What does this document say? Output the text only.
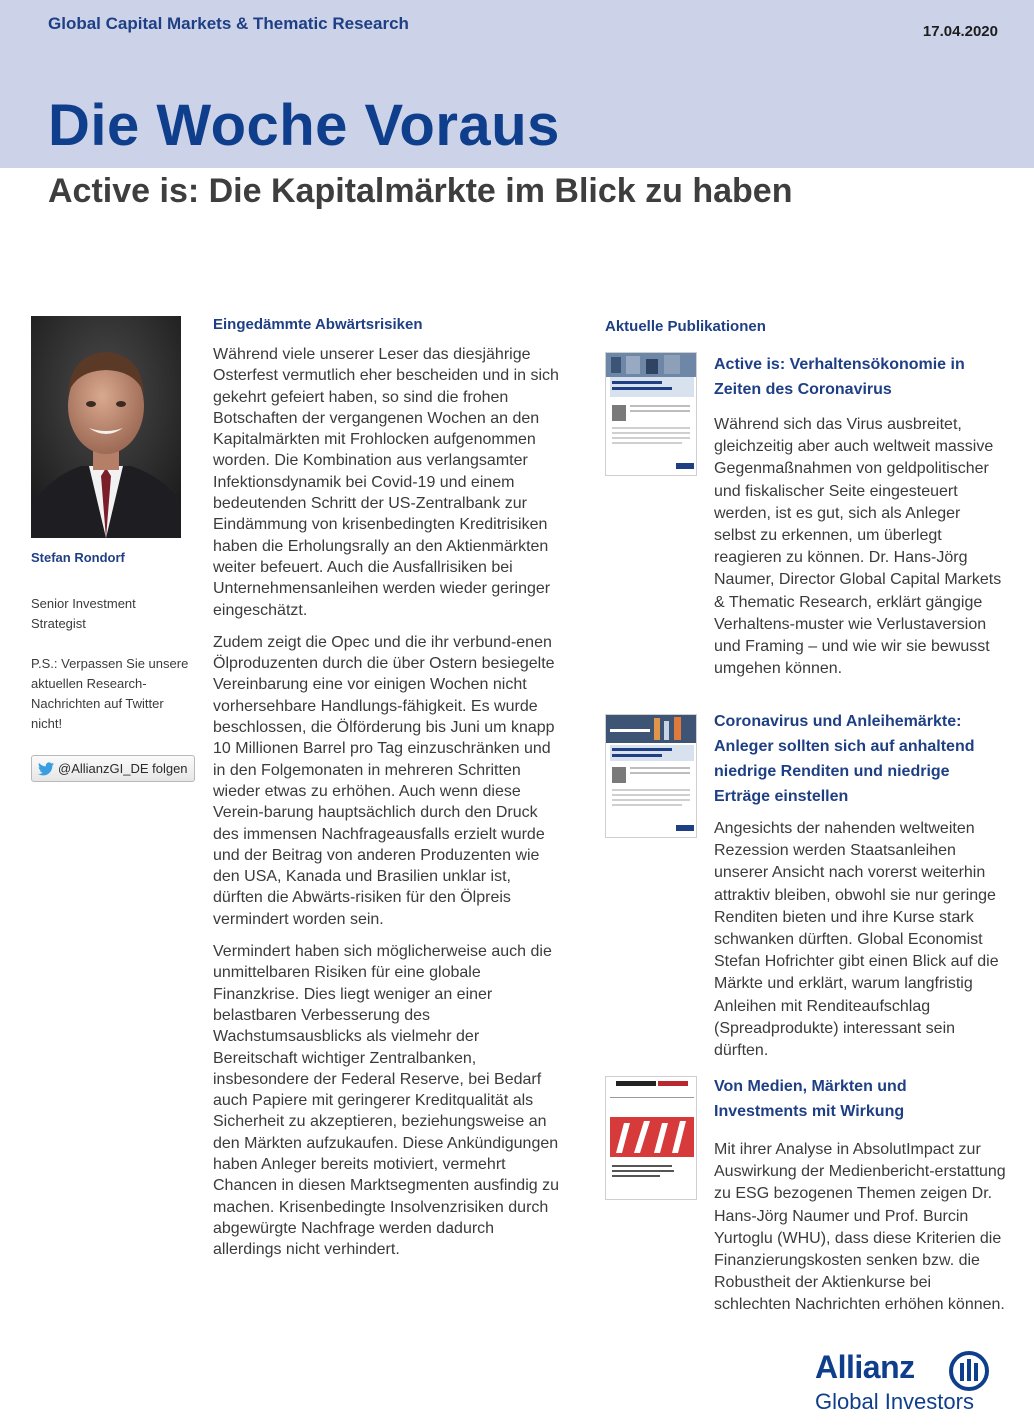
Global Capital Markets & Thematic Research	17.04.2020
Die Woche Voraus
Active is: Die Kapitalmärkte im Blick zu haben
Stefan Rondorf
Senior Investment Strategist
P.S.: Verpassen Sie unsere aktuellen Research-Nachrichten auf Twitter nicht!
@AllianzGI_DE folgen
Eingedämmte Abwärtsrisiken

Während viele unserer Leser das diesjährige Osterfest vermutlich eher bescheiden und in sich gekehrt gefeiert haben, so sind die frohen Botschaften der vergangenen Wochen an den Kapitalmärkten mit Frohlocken aufgenommen worden. Die Kombination aus verlangsamter Infektionsdynamik bei Covid-19 und einem bedeutenden Schritt der US-Zentralbank zur Eindämmung von krisenbedingten Kreditrisiken haben die Erholungsrally an den Aktienmärkten weiter befeuert. Auch die Ausfallrisiken bei Unternehmensanleihen werden wieder geringer eingeschätzt.

Zudem zeigt die Opec und die ihr verbund-enen Ölproduzenten durch die über Ostern besiegelte Vereinbarung eine vor einigen Wochen nicht vorhersehbare Handlungs-fähigkeit. Es wurde beschlossen, die Ölförderung bis Juni um knapp 10 Millionen Barrel pro Tag einzuschränken und in den Folgemonaten in mehreren Schritten wieder etwas zu erhöhen. Auch wenn diese Verein-barung hauptsächlich durch den Druck des immensen Nachfrageausfalls erzielt wurde und der Beitrag von anderen Produzenten wie den USA, Kanada und Brasilien unklar ist, dürften die Abwärts-risiken für den Ölpreis vermindert worden sein.

Vermindert haben sich möglicherweise auch die unmittelbaren Risiken für eine globale Finanzkrise. Dies liegt weniger an einer belastbaren Verbesserung des Wachstumsausblicks als vielmehr der Bereitschaft wichtiger Zentralbanken, insbesondere der Federal Reserve, bei Bedarf auch Papiere mit geringerer Kreditqualität als Sicherheit zu akzeptieren, beziehungsweise an den Märkten aufzukaufen. Diese Ankündigungen haben Anleger bereits motiviert, vermehrt Chancen in diesen Marktsegmenten ausfindig zu machen. Krisenbedingte Insolvenzrisiken durch abgewürgte Nachfrage werden dadurch allerdings nicht verhindert.

Aktuelle Publikationen
Active is: Verhaltensökonomie in Zeiten des Coronavirus
Während sich das Virus ausbreitet, gleichzeitig aber auch weltweit massive Gegenmaßnahmen von geldpolitischer und fiskalischer Seite eingesteuert werden, ist es gut, sich als Anleger selbst zu erkennen, um überlegt reagieren zu können. Dr. Hans-Jörg Naumer, Director Global Capital Markets & Thematic Research, erklärt gängige Verhaltens-muster wie Verlustaversion und Framing – und wie wir sie bewusst umgehen können.
Coronavirus und Anleihemärkte: Anleger sollten sich auf anhaltend niedrige Renditen und niedrige Erträge einstellen
Angesichts der nahenden weltweiten Rezession werden Staatsanleihen unserer Ansicht nach vorerst weiterhin attraktiv bleiben, obwohl sie nur geringe Renditen bieten und ihre Kurse stark schwanken dürften. Global Economist Stefan Hofrichter gibt einen Blick auf die Märkte und erklärt, warum langfristig Anleihen mit Renditeaufschlag (Spreadprodukte) interessant sein dürften.
Von Medien, Märkten und Investments mit Wirkung
Mit ihrer Analyse in AbsolutImpact zur Auswirkung der Medienbericht-erstattung zu ESG bezogenen Themen zeigen Dr. Hans-Jörg Naumer und Prof. Burcin Yurtoglu (WHU), dass diese Kriterien die Finanzierungskosten senken bzw. die Robustheit der Aktienkurse bei schlechten Nachrichten erhöhen können.
Allianz
Global Investors
